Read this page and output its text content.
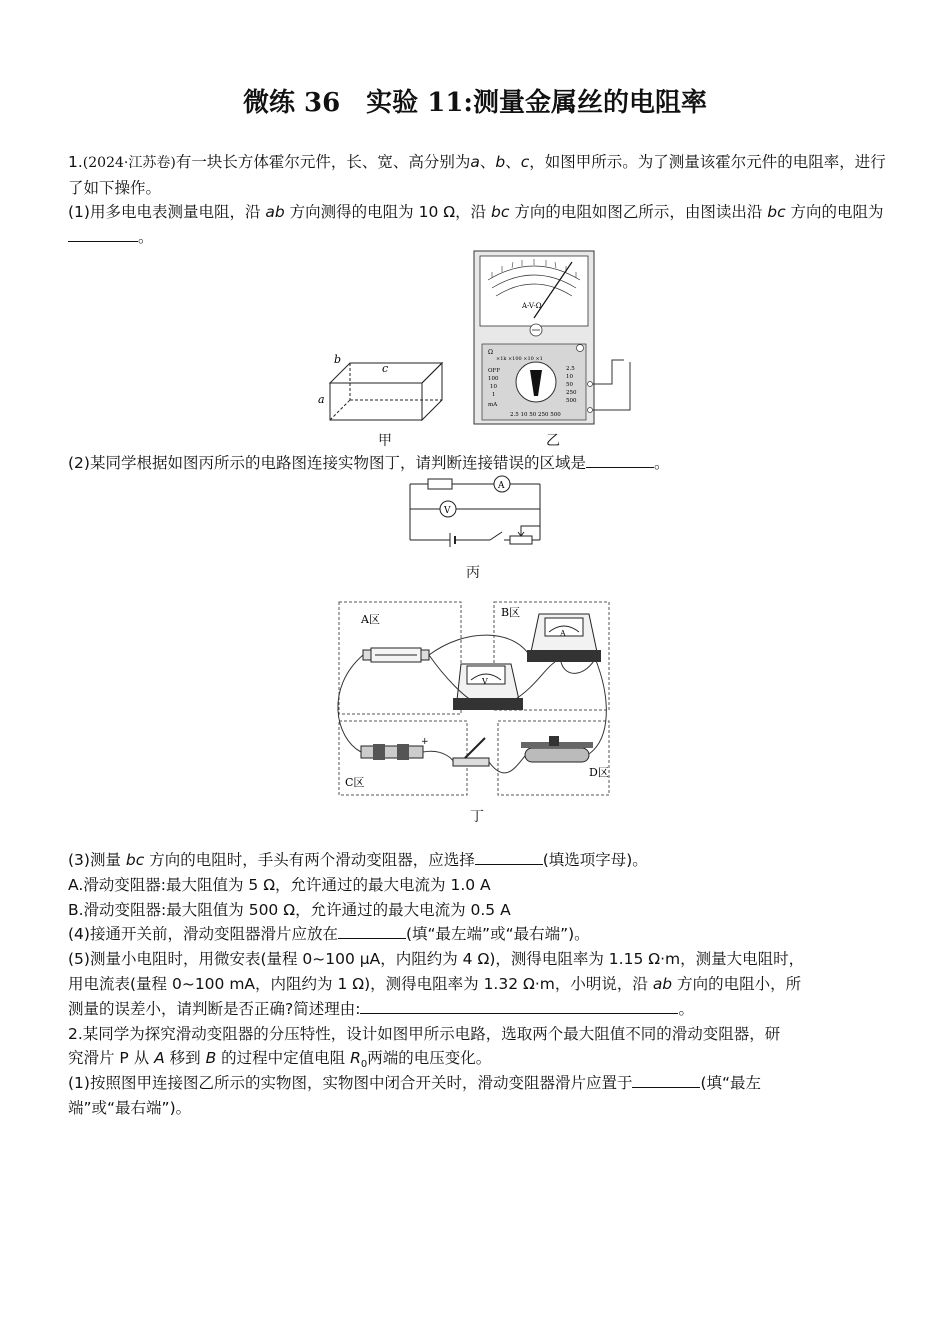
微练 36　实验 11:测量金属丝的电阻率
1.(2024·江苏卷)有一块长方体霍尔元件，长、宽、高分别为a、b、c，如图甲所示。为了测量该霍尔元件的电阻率，进行了如下操作。
(1)用多电电表测量电阻，沿 ab 方向测得的电阻为 10 Ω，沿 bc 方向的电阻如图乙所示，由图读出沿 bc 方向的电阻为。
b
c
a
甲
A-V-Ω
Ω
×1k ×100 ×10 ×1
OFF
100
10
1
mA
2.5
10
50
250
500
2.5 10 50 250 500
乙
(2)某同学根据如图丙所示的电路图连接实物图丁，请判断连接错误的区域是	。
A
V
丙
A区
B区
C区
D区
V
A
+
丁
(3)测量 bc 方向的电阻时，手头有两个滑动变阻器，应选择	(填选项字母)。
A.滑动变阻器:最大阻值为 5 Ω，允许通过的最大电流为 1.0 A
B.滑动变阻器:最大阻值为 500 Ω，允许通过的最大电流为 0.5 A
(4)接通开关前，滑动变阻器滑片应放在	(填“最左端”或“最右端”)。
(5)测量小电阻时，用微安表(量程 0~100 μA，内阻约为 4 Ω)，测得电阻率为 1.15 Ω·m，测量大电阻时，
用电流表(量程 0~100 mA，内阻约为 1 Ω)，测得电阻率为 1.32 Ω·m，小明说，沿 ab 方向的电阻小，所
测量的误差小，请判断是否正确?简述理由:	。
2.某同学为探究滑动变阻器的分压特性，设计如图甲所示电路，选取两个最大阻值不同的滑动变阻器，研
究滑片 P 从 A 移到 B 的过程中定值电阻 $R_0$两端的电压变化。
(1)按照图甲连接图乙所示的实物图，实物图中闭合开关时，滑动变阻器滑片应置于	(填“最左
端”或“最右端”)。
